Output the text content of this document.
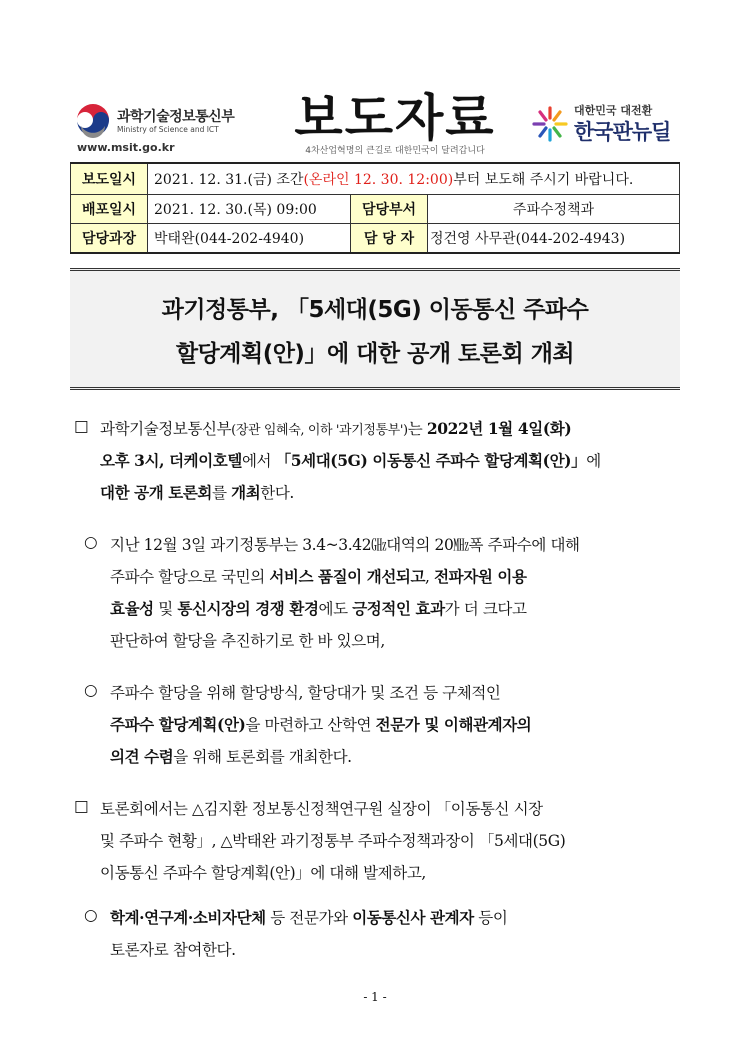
과학기술정보통신부
Ministry of Science and ICT
www.msit.go.kr
보도자료
4차산업혁명의 큰길로 대한민국이 달려갑니다
대한민국 대전환
한국판뉴딜
보도일시	2021. 12. 31.(금) 조간(온라인 12. 30. 12:00)부터 보도해 주시기 바랍니다.		
배포일시	2021. 12. 30.(목) 09:00	담당부서	주파수정책과
담당과장	박태완(044-202-4940)	담 당 자	정건영 사무관(044-202-4943)
과기정통부, 「5세대(5G) 이동통신 주파수
할당계획(안)」에 대한 공개 토론회 개최
□ 과학기술정보통신부(장관 임혜숙, 이하 '과기정통부')는 2022년 1월 4일(화)
오후 3시, 더케이호텔에서 「5세대(5G) 이동통신 주파수 할당계획(안)」에
대한 공개 토론회를 개최한다.
○ 지난 12월 3일 과기정통부는 3.4~3.42㎓대역의 20㎒폭 주파수에 대해
주파수 할당으로 국민의 서비스 품질이 개선되고, 전파자원 이용
효율성 및 통신시장의 경쟁 환경에도 긍정적인 효과가 더 크다고
판단하여 할당을 추진하기로 한 바 있으며,
○ 주파수 할당을 위해 할당방식, 할당대가 및 조건 등 구체적인
주파수 할당계획(안)을 마련하고 산학연 전문가 및 이해관계자의
의견 수렴을 위해 토론회를 개최한다.
□ 토론회에서는 △김지환 정보통신정책연구원 실장이 「이동통신 시장
및 주파수 현황」, △박태완 과기정통부 주파수정책과장이 「5세대(5G)
이동통신 주파수 할당계획(안)」에 대해 발제하고,
○ 학계·연구계·소비자단체 등 전문가와 이동통신사 관계자 등이
토론자로 참여한다.
- 1 -
